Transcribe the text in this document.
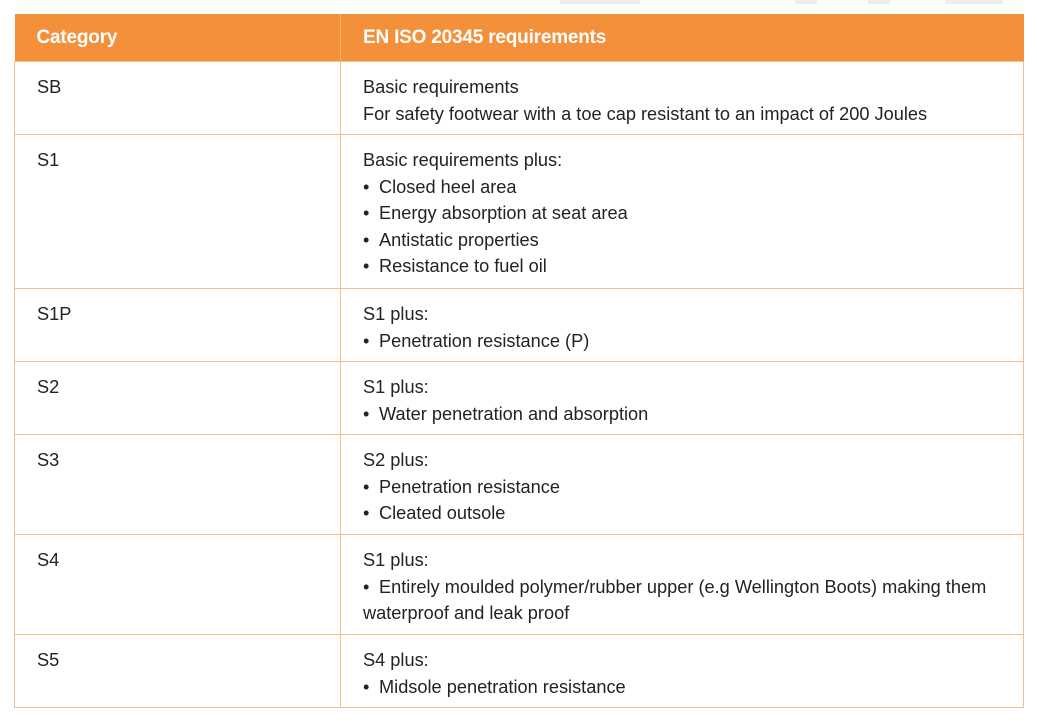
Category	EN ISO 20345 requirements
SB	Basic requirements
For safety footwear with a toe cap resistant to an impact of 200 Joules

S1	Basic requirements plus:
• Closed heel area
• Energy absorption at seat area
• Antistatic properties
• Resistance to fuel oil

S1P	S1 plus:
• Penetration resistance (P)

S2	S1 plus:
• Water penetration and absorption

S3	S2 plus:
• Penetration resistance
• Cleated outsole

S4	S1 plus:
• Entirely moulded polymer/rubber upper (e.g Wellington Boots) making them waterproof and leak proof

S5	S4 plus:
• Midsole penetration resistance
